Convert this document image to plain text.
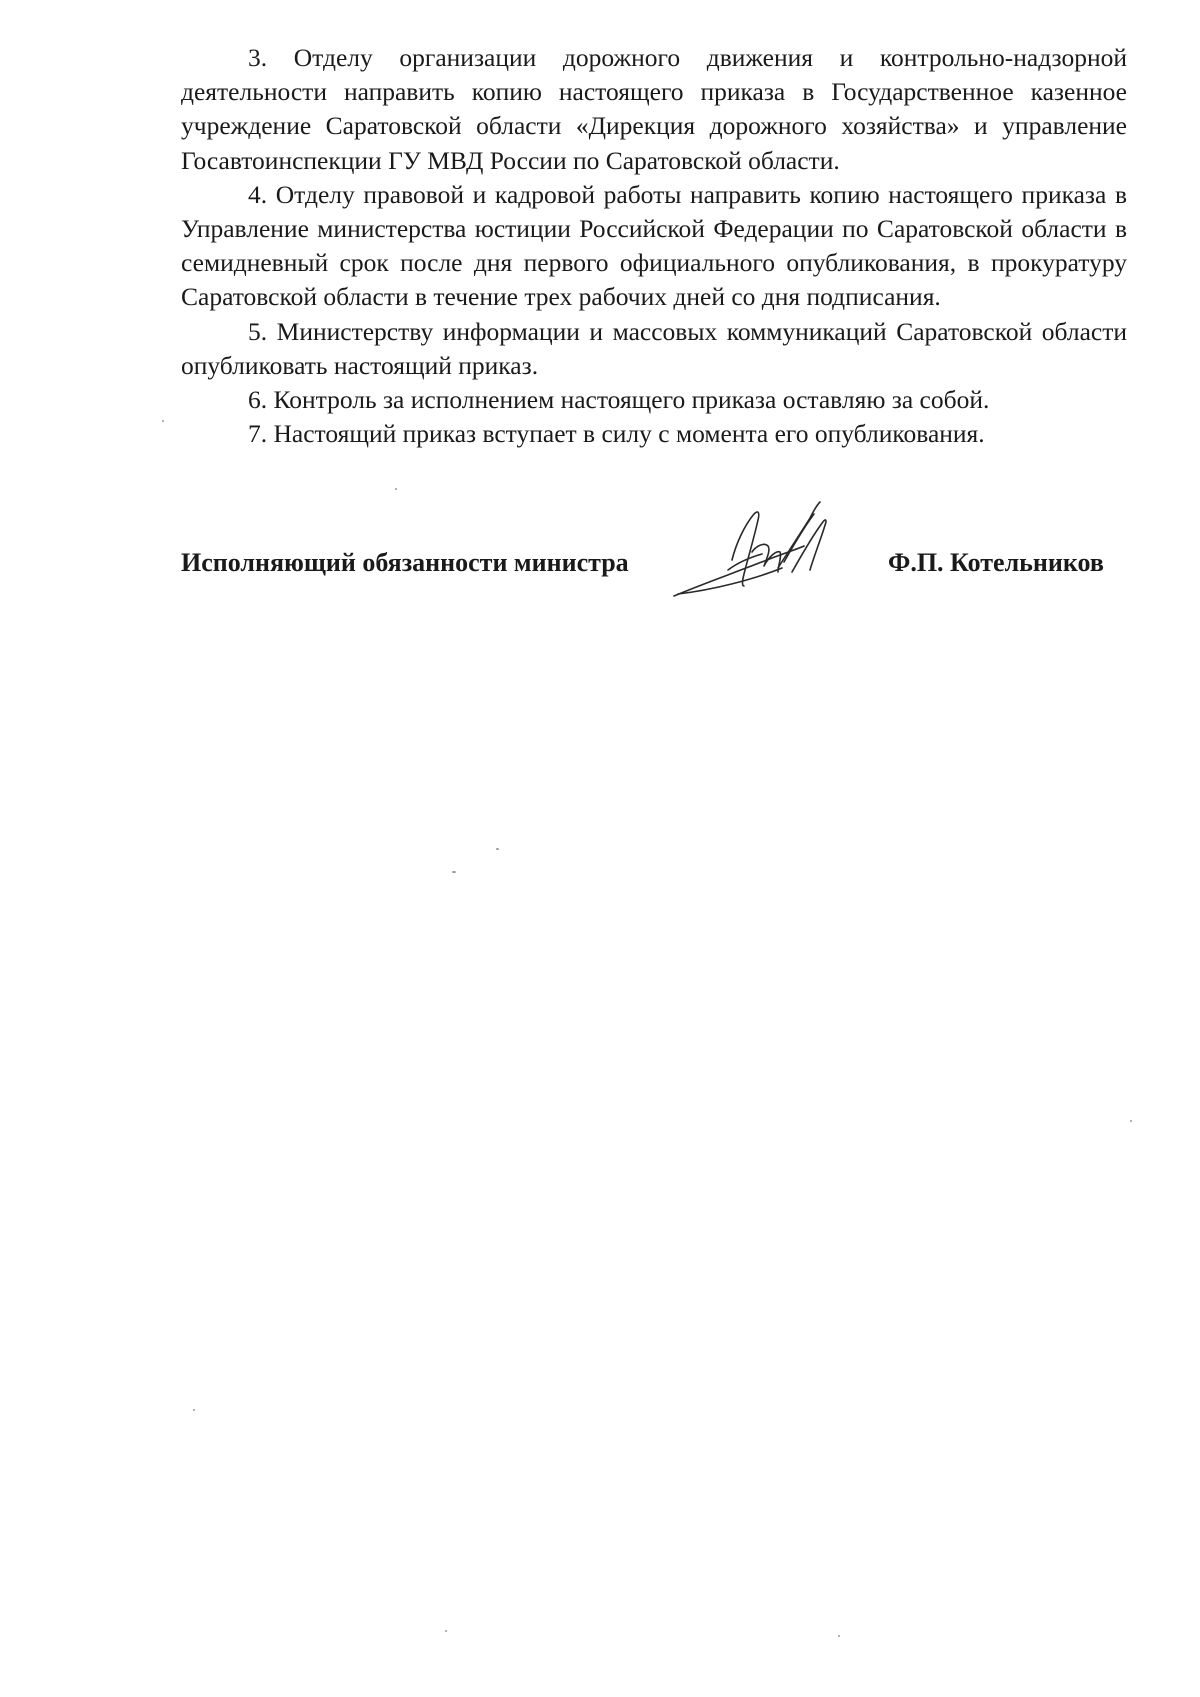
3. Отделу организации дорожного движения и контрольно-надзорной деятельности направить копию настоящего приказа в Государственное казенное учреждение Саратовской области «Дирекция дорожного хозяйства» и управление Госавтоинспекции ГУ МВД России по Саратовской области.

4. Отделу правовой и кадровой работы направить копию настоящего приказа в Управление министерства юстиции Российской Федерации по Саратовской области в семидневный срок после дня первого официального опубликования, в прокуратуру Саратовской области в течение трех рабочих дней со дня подписания.

5. Министерству информации и массовых коммуникаций Саратовской области опубликовать настоящий приказ.

6. Контроль за исполнением настоящего приказа оставляю за собой.

7. Настоящий приказ вступает в силу с момента его опубликования.

Исполняющий обязанности министра	Ф.П. Котельников
